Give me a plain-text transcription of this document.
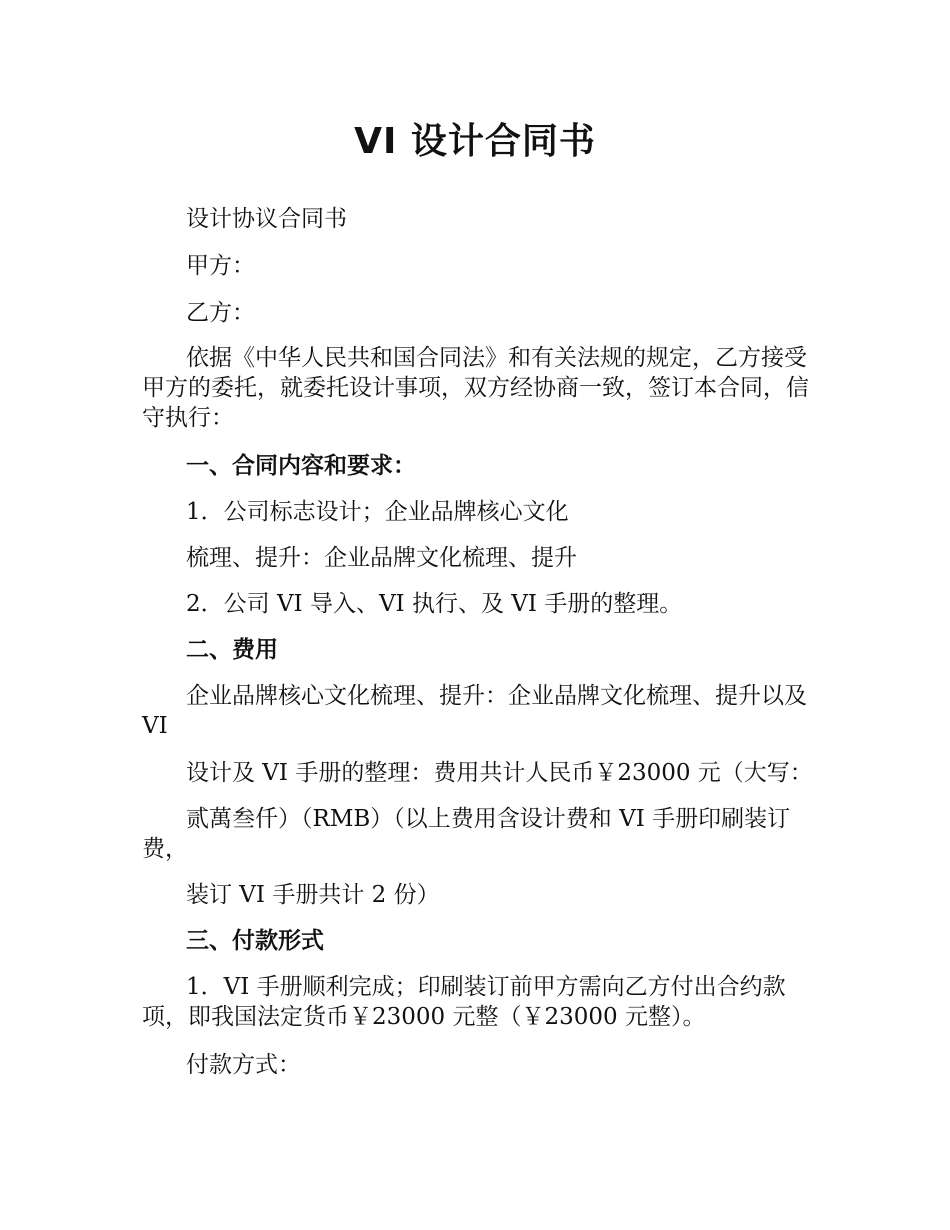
VI 设计合同书
设计协议合同书
甲方：
乙方：
依据《中华人民共和国合同法》和有关法规的规定，乙方接受甲方的委托，就委托设计事项，双方经协商一致，签订本合同，信守执行：
一、合同内容和要求：
1．公司标志设计；企业品牌核心文化
梳理、提升：企业品牌文化梳理、提升
2．公司 VI 导入、VI 执行、及 VI 手册的整理。
二、费用
企业品牌核心文化梳理、提升：企业品牌文化梳理、提升以及 VI
设计及 VI 手册的整理：费用共计人民币￥23000 元（大写：
贰萬叁仟）（RMB）（以上费用含设计费和 VI 手册印刷装订费，
装订 VI 手册共计 2 份）
三、付款形式
1．VI 手册顺利完成；印刷装订前甲方需向乙方付出合约款项，即我国法定货币￥23000 元整（￥23000 元整）。
付款方式：
